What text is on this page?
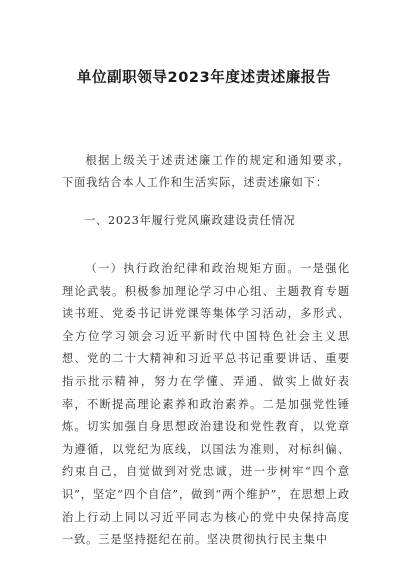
单位副职领导2023年度述责述廉报告
根据上级关于述责述廉工作的规定和通知要求，下面我结合本人工作和生活实际，述责述廉如下：
一、2023年履行党风廉政建设责任情况
（一）执行政治纪律和政治规矩方面。一是强化理论武装。积极参加理论学习中心组、主题教育专题读书班、党委书记讲党课等集体学习活动，多形式、全方位学习领会习近平新时代中国特色社会主义思想、党的二十大精神和习近平总书记重要讲话、重要指示批示精神，努力在学懂、弄通、做实上做好表率，不断提高理论素养和政治素养。二是加强党性锤炼。切实加强自身思想政治建设和党性教育，以党章为遵循，以党纪为底线，以国法为准则，对标纠偏、约束自己，自觉做到对党忠诚，进一步树牢“四个意识”，坚定“四个自信”，做到“两个维护”，在思想上政治上行动上同以习近平同志为核心的党中央保持高度一致。三是坚持挺纪在前。坚决贯彻执行民主集中
